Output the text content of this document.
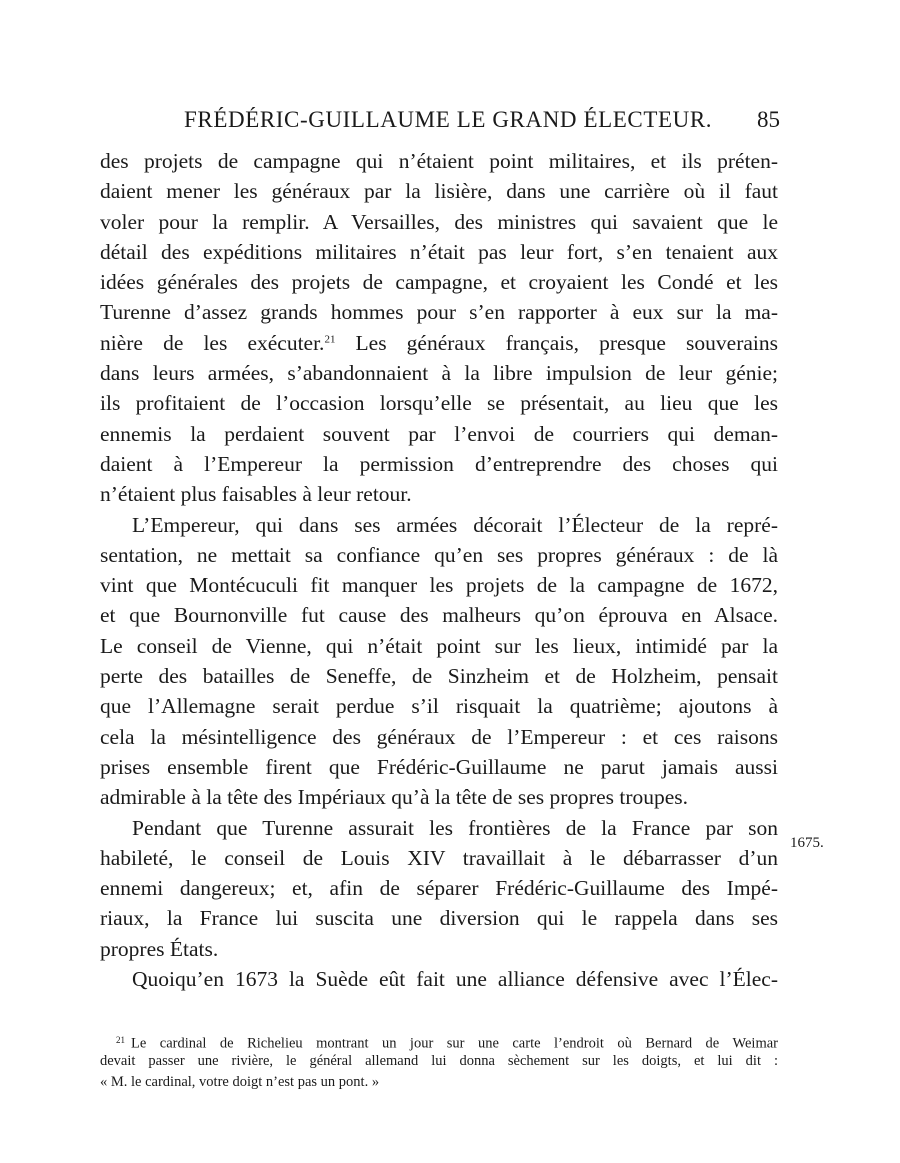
FRÉDÉRIC-GUILLAUME LE GRAND ÉLECTEUR. 85
des projets de campagne qui n’étaient point militaires, et ils préten-
daient mener les généraux par la lisière, dans une carrière où il faut
voler pour la remplir. A Versailles, des ministres qui savaient que le
détail des expéditions militaires n’était pas leur fort, s’en tenaient aux
idées générales des projets de campagne, et croyaient les Condé et les
Turenne d’assez grands hommes pour s’en rapporter à eux sur la ma-
nière de les exécuter.$^{21}$ Les généraux français, presque souverains
dans leurs armées, s’abandonnaient à la libre impulsion de leur génie;
ils profitaient de l’occasion lorsqu’elle se présentait, au lieu que les
ennemis la perdaient souvent par l’envoi de courriers qui deman-
daient à l’Empereur la permission d’entreprendre des choses qui
n’étaient plus faisables à leur retour.
L’Empereur, qui dans ses armées décorait l’Électeur de la repré-
sentation, ne mettait sa confiance qu’en ses propres généraux : de là
vint que Montécuculi fit manquer les projets de la campagne de 1672,
et que Bournonville fut cause des malheurs qu’on éprouva en Alsace.
Le conseil de Vienne, qui n’était point sur les lieux, intimidé par la
perte des batailles de Seneffe, de Sinzheim et de Holzheim, pensait
que l’Allemagne serait perdue s’il risquait la quatrième; ajoutons à
cela la mésintelligence des généraux de l’Empereur : et ces raisons
prises ensemble firent que Frédéric-Guillaume ne parut jamais aussi
admirable à la tête des Impériaux qu’à la tête de ses propres troupes.
Pendant que Turenne assurait les frontières de la France par son
habileté, le conseil de Louis XIV travaillait à le débarrasser d’un
ennemi dangereux; et, afin de séparer Frédéric-Guillaume des Impé-
riaux, la France lui suscita une diversion qui le rappela dans ses
propres États.
Quoiqu’en 1673 la Suède eût fait une alliance défensive avec l’Élec-
1675.
$^{21}$ Le cardinal de Richelieu montrant un jour sur une carte l’endroit où Bernard de Weimar
devait passer une rivière, le général allemand lui donna sèchement sur les doigts, et lui dit :
« M. le cardinal, votre doigt n’est pas un pont. »
